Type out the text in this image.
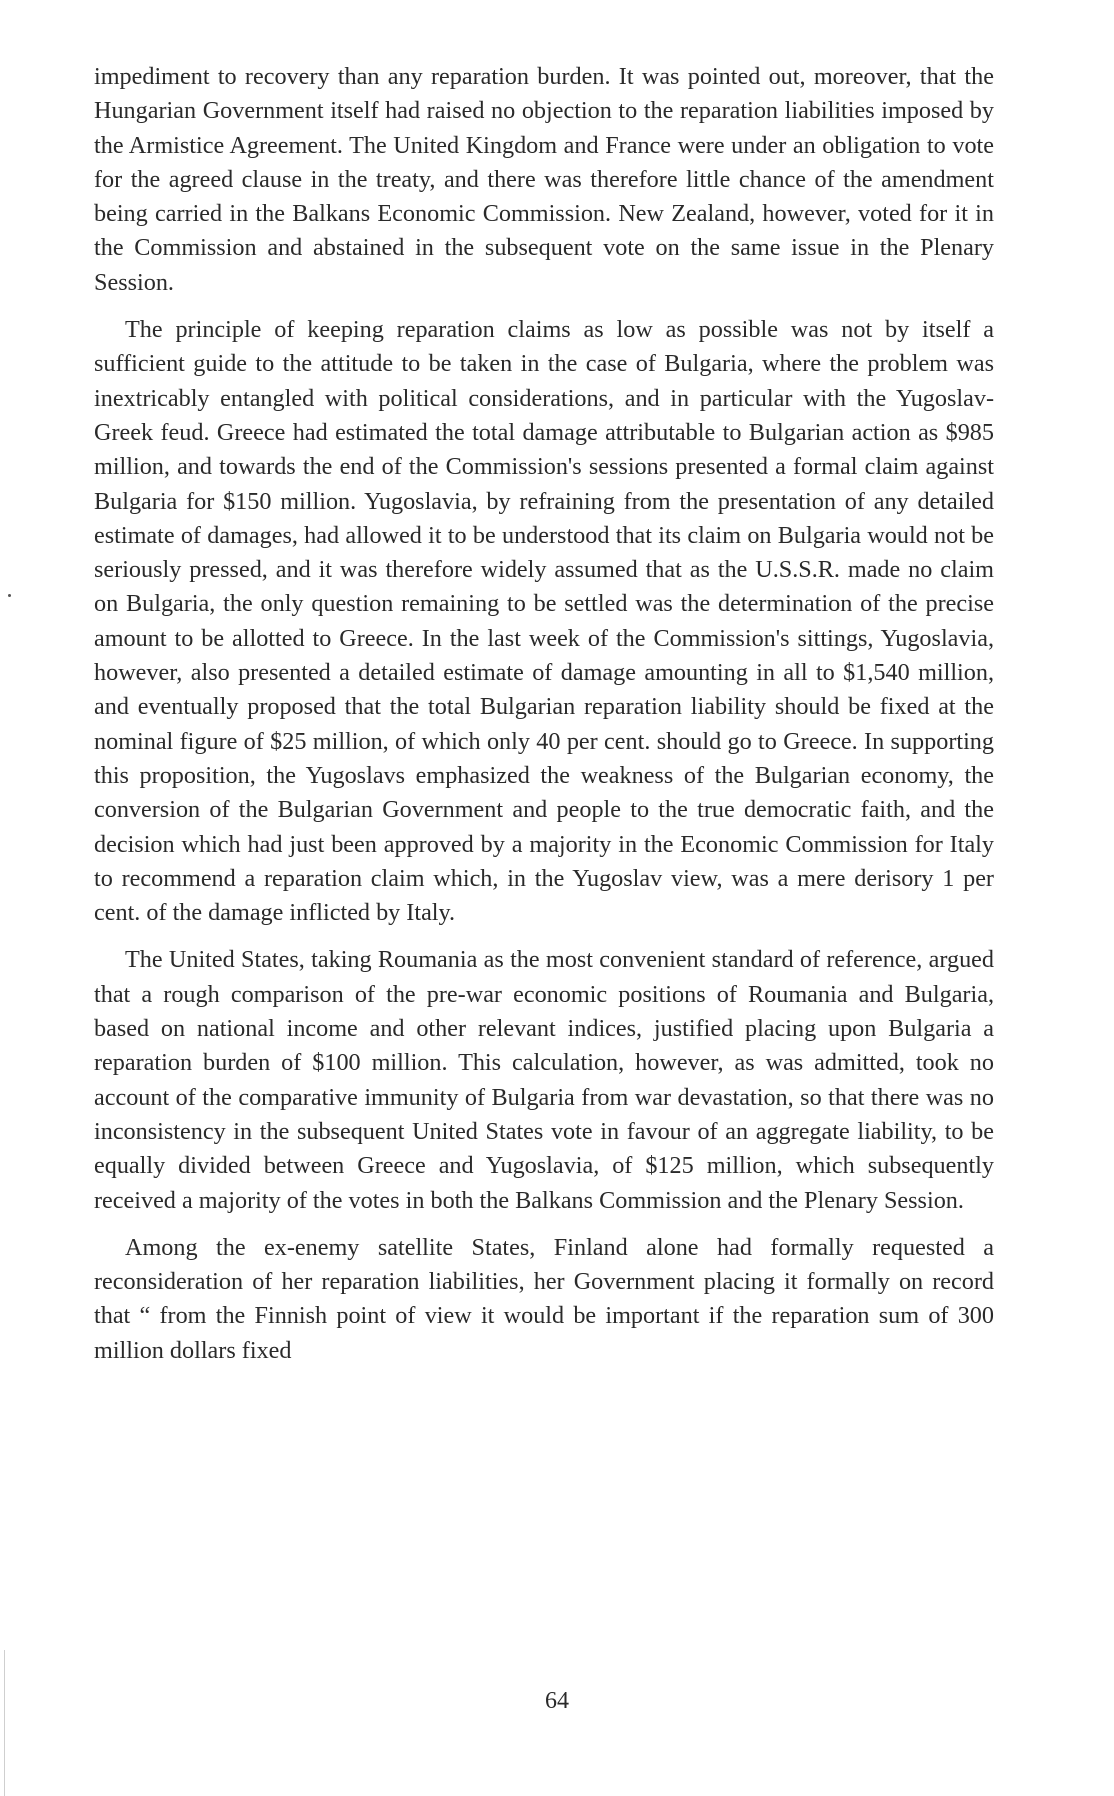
impediment to recovery than any reparation burden. It was pointed out, moreover, that the Hungarian Government itself had raised no objection to the reparation liabilities imposed by the Armistice Agreement. The United Kingdom and France were under an obligation to vote for the agreed clause in the treaty, and there was therefore little chance of the amendment being carried in the Balkans Economic Commission. New Zealand, however, voted for it in the Commission and abstained in the subsequent vote on the same issue in the Plenary Session.

The principle of keeping reparation claims as low as possible was not by itself a sufficient guide to the attitude to be taken in the case of Bulgaria, where the problem was inextricably entangled with political considerations, and in particular with the Yugoslav-Greek feud. Greece had estimated the total damage attributable to Bulgarian action as $985 million, and towards the end of the Commission's sessions presented a formal claim against Bulgaria for $150 million. Yugoslavia, by refraining from the presentation of any detailed estimate of damages, had allowed it to be understood that its claim on Bulgaria would not be seriously pressed, and it was therefore widely assumed that as the U.S.S.R. made no claim on Bulgaria, the only question remaining to be settled was the determination of the precise amount to be allotted to Greece. In the last week of the Commission's sittings, Yugoslavia, however, also presented a detailed estimate of damage amounting in all to $1,540 million, and eventually proposed that the total Bulgarian reparation liability should be fixed at the nominal figure of $25 million, of which only 40 per cent. should go to Greece. In supporting this proposition, the Yugoslavs emphasized the weakness of the Bulgarian economy, the conversion of the Bulgarian Government and people to the true democratic faith, and the decision which had just been approved by a majority in the Economic Commission for Italy to recommend a reparation claim which, in the Yugoslav view, was a mere derisory 1 per cent. of the damage inflicted by Italy.

The United States, taking Roumania as the most convenient standard of reference, argued that a rough comparison of the pre-war economic positions of Roumania and Bulgaria, based on national income and other relevant indices, justified placing upon Bulgaria a reparation burden of $100 million. This calculation, however, as was admitted, took no account of the comparative immunity of Bulgaria from war devastation, so that there was no inconsistency in the subsequent United States vote in favour of an aggregate liability, to be equally divided between Greece and Yugoslavia, of $125 million, which subsequently received a majority of the votes in both the Balkans Commission and the Plenary Session.

Among the ex-enemy satellite States, Finland alone had formally requested a reconsideration of her reparation liabilities, her Government placing it formally on record that “ from the Finnish point of view it would be important if the reparation sum of 300 million dollars fixed

64
